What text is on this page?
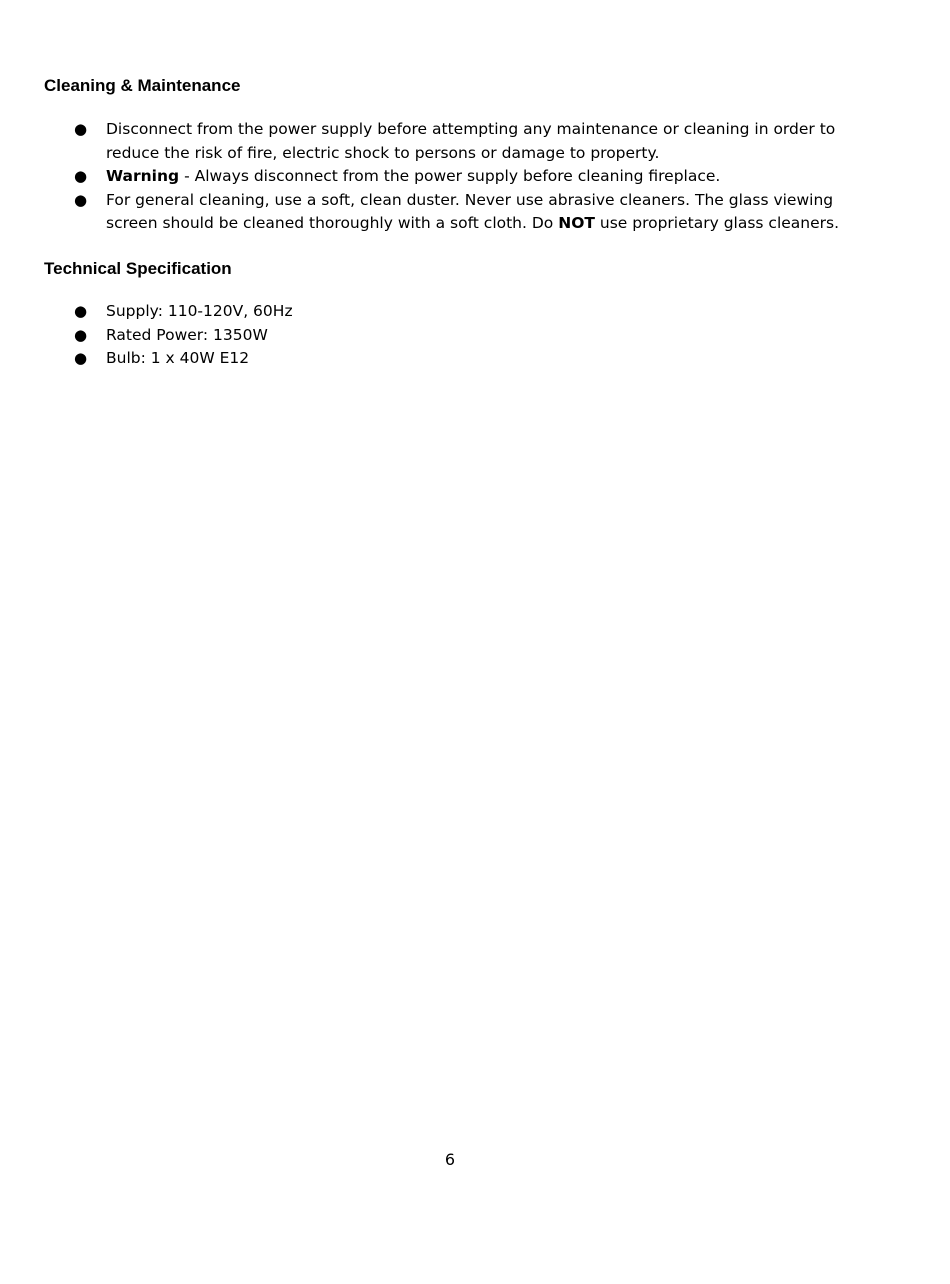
Cleaning & Maintenance
● Disconnect from the power supply before attempting any maintenance or cleaning in order to reduce the risk of fire, electric shock to persons or damage to property.
● Warning - Always disconnect from the power supply before cleaning fireplace.
● For general cleaning, use a soft, clean duster. Never use abrasive cleaners. The glass viewing screen should be cleaned thoroughly with a soft cloth. Do NOT use proprietary glass cleaners.
Technical Specification
● Supply: 110-120V, 60Hz
● Rated Power: 1350W
● Bulb: 1 x 40W E12
6
